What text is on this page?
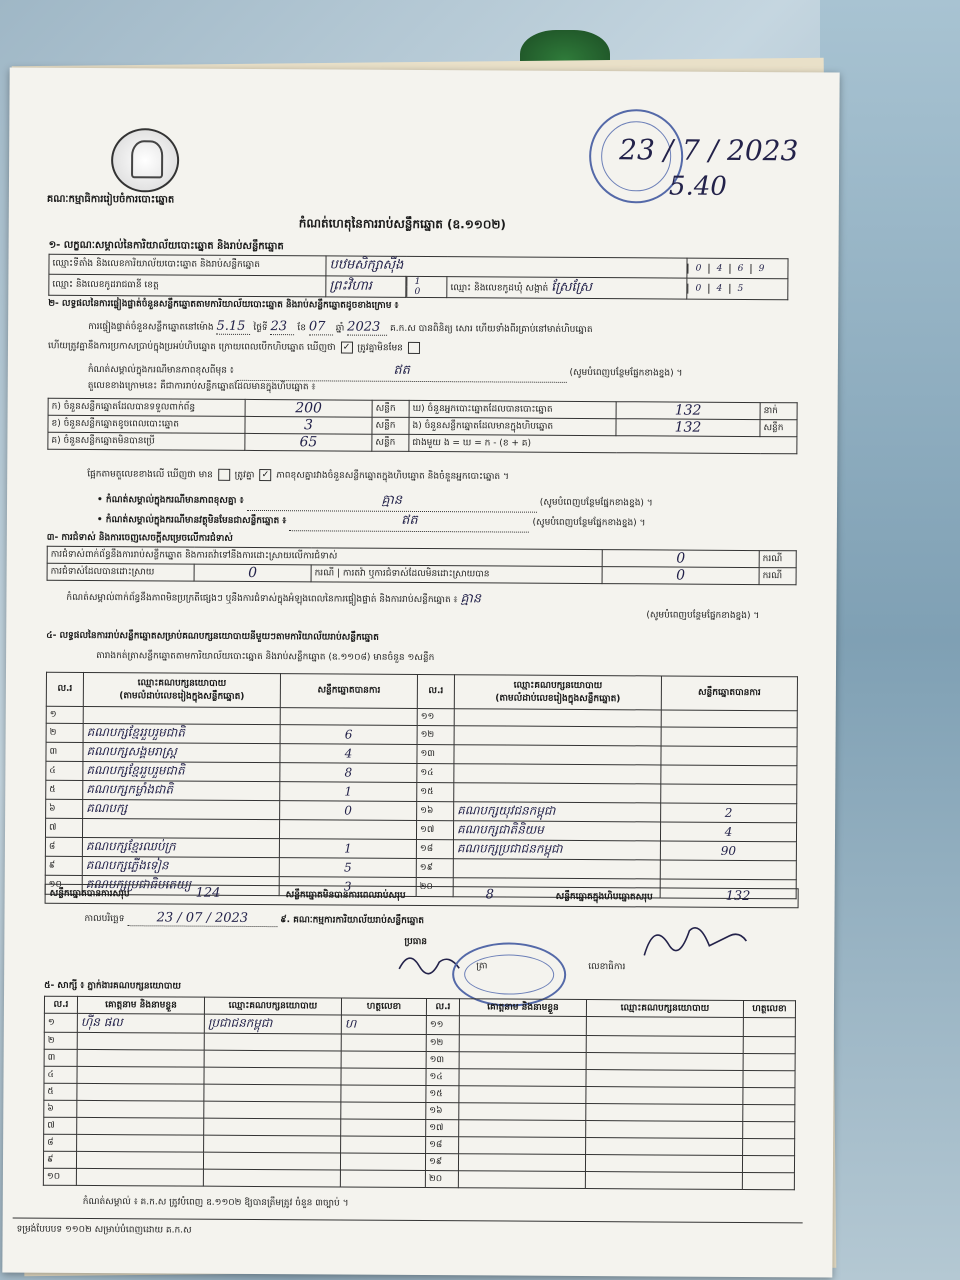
គណៈកម្មាធិការរៀបចំការបោះឆ្នោត
23 / 7 / 2023
5.40
កំណត់ហេតុនៃការរាប់សន្លឹកឆ្នោត (ឧ.១១០២)
១- លក្ខណៈសម្គាល់នៃការិយាល័យបោះឆ្នោត និងរាប់សន្លឹកឆ្នោត
ឈ្មោះទីតាំង និងលេខការិយាល័យបោះឆ្នោត និងរាប់សន្លឹកឆ្នោត	បឋមសិក្សាស៊ីង			0 4 6 9
ឈ្មោះ និងលេខកូដរាជធានី ខេត្ត	ព្រះវិហារ	10	ឈ្មោះ និងលេខកូដឃុំ សង្កាត់ ស្រែស្រែ	0 4 5
២- លទ្ធផលនៃការផ្ទៀងផ្ទាត់ចំនួនសន្លឹកឆ្នោតតាមការិយាល័យបោះឆ្នោត និងរាប់សន្លឹកឆ្នោតដូចខាងក្រោម ៖
ការផ្ទៀងផ្ទាត់ចំនួនសន្លឹកឆ្នោតនៅម៉ោង 5.15 ថ្ងៃទី 23 ខែ 07 ឆ្នាំ 2023 គ.ក.ស បានពិនិត្យ សោរ ហើយទាំងពីរគ្រាប់នៅមាត់ហិបឆ្នោត
ហើយត្រូវគ្នានឹងការប្រកាសប្រាប់ក្នុងប្រអប់ហិបឆ្នោត ក្រោយពេលបើកហិបឆ្នោត ឃើញថា ✓ ត្រូវគ្នាមិនមែន
កំណត់សម្គាល់ក្នុងករណីមានភាពខុសពីមុន ៖	ឥត	(សូមបំពេញបន្ថែមផ្នែកខាងខ្នង) ។
តួលេខខាងក្រោមនេះ គឺជាការរាប់សន្លឹកឆ្នោតដែលមានក្នុងហិបឆ្នោត ៖
ក) ចំនួនសន្លឹកឆ្នោតដែលបានទទួលពាក់ព័ន្ធ	200	សន្លឹក	ឃ) ចំនួនអ្នកបោះឆ្នោតដែលបានបោះឆ្នោត	132	នាក់
ខ) ចំនួនសន្លឹកឆ្នោតខូចពេលបោះឆ្នោត	3	សន្លឹក	ង) ចំនួនសន្លឹកឆ្នោតដែលមានក្នុងហិបឆ្នោត	132	សន្លឹក
គ) ចំនួនសន្លឹកឆ្នោតមិនបានប្រើ	65	សន្លឹក	ជាងមួយ ង = ឃ = ក - (ខ + គ)		
ផ្អែកតាមតួលេខខាងលើ ឃើញថា មាន ត្រូវគ្នា ✓ ភាពខុសគ្នារវាងចំនួនសន្លឹកឆ្នោតក្នុងហិបឆ្នោត និងចំនួនអ្នកបោះឆ្នោត ។
• កំណត់សម្គាល់ក្នុងករណីមានភាពខុសគ្នា ៖	គ្មាន	(សូមបំពេញបន្ថែមផ្នែកខាងខ្នង) ។
• កំណត់សម្គាល់ក្នុងករណីមានវត្ថុមិនមែនជាសន្លឹកឆ្នោត ៖	ឥត	(សូមបំពេញបន្ថែមផ្នែកខាងខ្នង) ។
៣- ការជំទាស់ និងការចេញសេចក្តីសម្រេចលើការជំទាស់
ការជំទាស់ពាក់ព័ន្ធនឹងការរាប់សន្លឹកឆ្នោត និងការតវ៉ាទៅនឹងការដោះស្រាយលើការជំទាស់			0	ករណី
ការជំទាស់ដែលបានដោះស្រាយ	0	ករណី | ការតវ៉ា ឬការជំទាស់ដែលមិនដោះស្រាយបាន	0	ករណី
កំណត់សម្គាល់ពាក់ព័ន្ធនឹងភាពមិនប្រក្រតីផ្សេងៗ ឬនឹងការជំទាស់ក្នុងអំឡុងពេលនៃការផ្ទៀងផ្ទាត់ និងការរាប់សន្លឹកឆ្នោត ៖ គ្មាន
(សូមបំពេញបន្ថែមផ្នែកខាងខ្នង) ។
៤- លទ្ធផលនៃការរាប់សន្លឹកឆ្នោតសម្រាប់គណបក្សនយោបាយនីមួយៗតាមការិយាល័យរាប់សន្លឹកឆ្នោត
តារាងកត់ត្រាសន្លឹកឆ្នោតតាមការិយាល័យបោះឆ្នោត និងរាប់សន្លឹកឆ្នោត (ឧ.១១០៨) មានចំនួន ១សន្លឹក
ល.រ	ឈ្មោះគណបក្សនយោបាយ
(តាមលំដាប់លេខរៀងក្នុងសន្លឹកឆ្នោត)	សន្លឹកឆ្នោតបានការ	ល.រ	ឈ្មោះគណបក្សនយោបាយ
(តាមលំដាប់លេខរៀងក្នុងសន្លឹកឆ្នោត)	សន្លឹកឆ្នោតបានការ
១			១១		
២	គណបក្សខ្មែររួបរួមជាតិ	6	១២		
៣	គណបក្សសង្គមរាស្ត្រ	4	១៣		
៤	គណបក្សខ្មែររួបរួមជាតិ	8	១៤		
៥	គណបក្សកម្លាំងជាតិ	1	១៥		
៦	គណបក្ស	0	១៦	គណបក្សយុវជនកម្ពុជា	2
៧			១៧	គណបក្សជាតិនិយម	4
៨	គណបក្សខ្មែរឈប់ក្រ	1	១៨	គណបក្សប្រជាជនកម្ពុជា	90
៩	គណបក្សភ្លើងទៀន	5	១៩		
១០	គណបក្សប្រជាធិបតេយ្យ	3	២០		
សន្លឹកឆ្នោតបានការសរុប	124	សន្លឹកឆ្នោតមិនបានការពេលរាប់សរុប	8	សន្លឹកឆ្នោតក្នុងហិបឆ្នោតសរុប	132
កាលបរិច្ឆេទ 23 / 07 / 2023	៩. គណៈកម្មការការិយាល័យរាប់សន្លឹកឆ្នោត
ប្រធាន
ត្រា	លេខាធិការ
៥- សាក្សី ៖ ភ្នាក់ងារគណបក្សនយោបាយ
ល.រ	គោត្តនាម និងនាមខ្លួន	ឈ្មោះគណបក្សនយោបាយ	ហត្ថលេខា	ល.រ	គោត្តនាម និងនាមខ្លួន	ឈ្មោះគណបក្សនយោបាយ	ហត្ថលេខា
១	ហ៊ីន ផល	ប្រជាជនកម្ពុជា	ហ	១១			
២				១២			
៣				១៣			
៤				១៤			
៥				១៥			
៦				១៦			
៧				១៧			
៨				១៨			
៩				១៩			
១០				២០			
កំណត់សម្គាល់ ៖ គ.ក.ស ត្រូវបំពេញ ឧ.១១០២ ឱ្យបានត្រឹមត្រូវ ចំនួន ៣ច្បាប់ ។
ទម្រង់បែបបទ ១១០២ សម្រាប់បំពេញដោយ គ.ក.ស
